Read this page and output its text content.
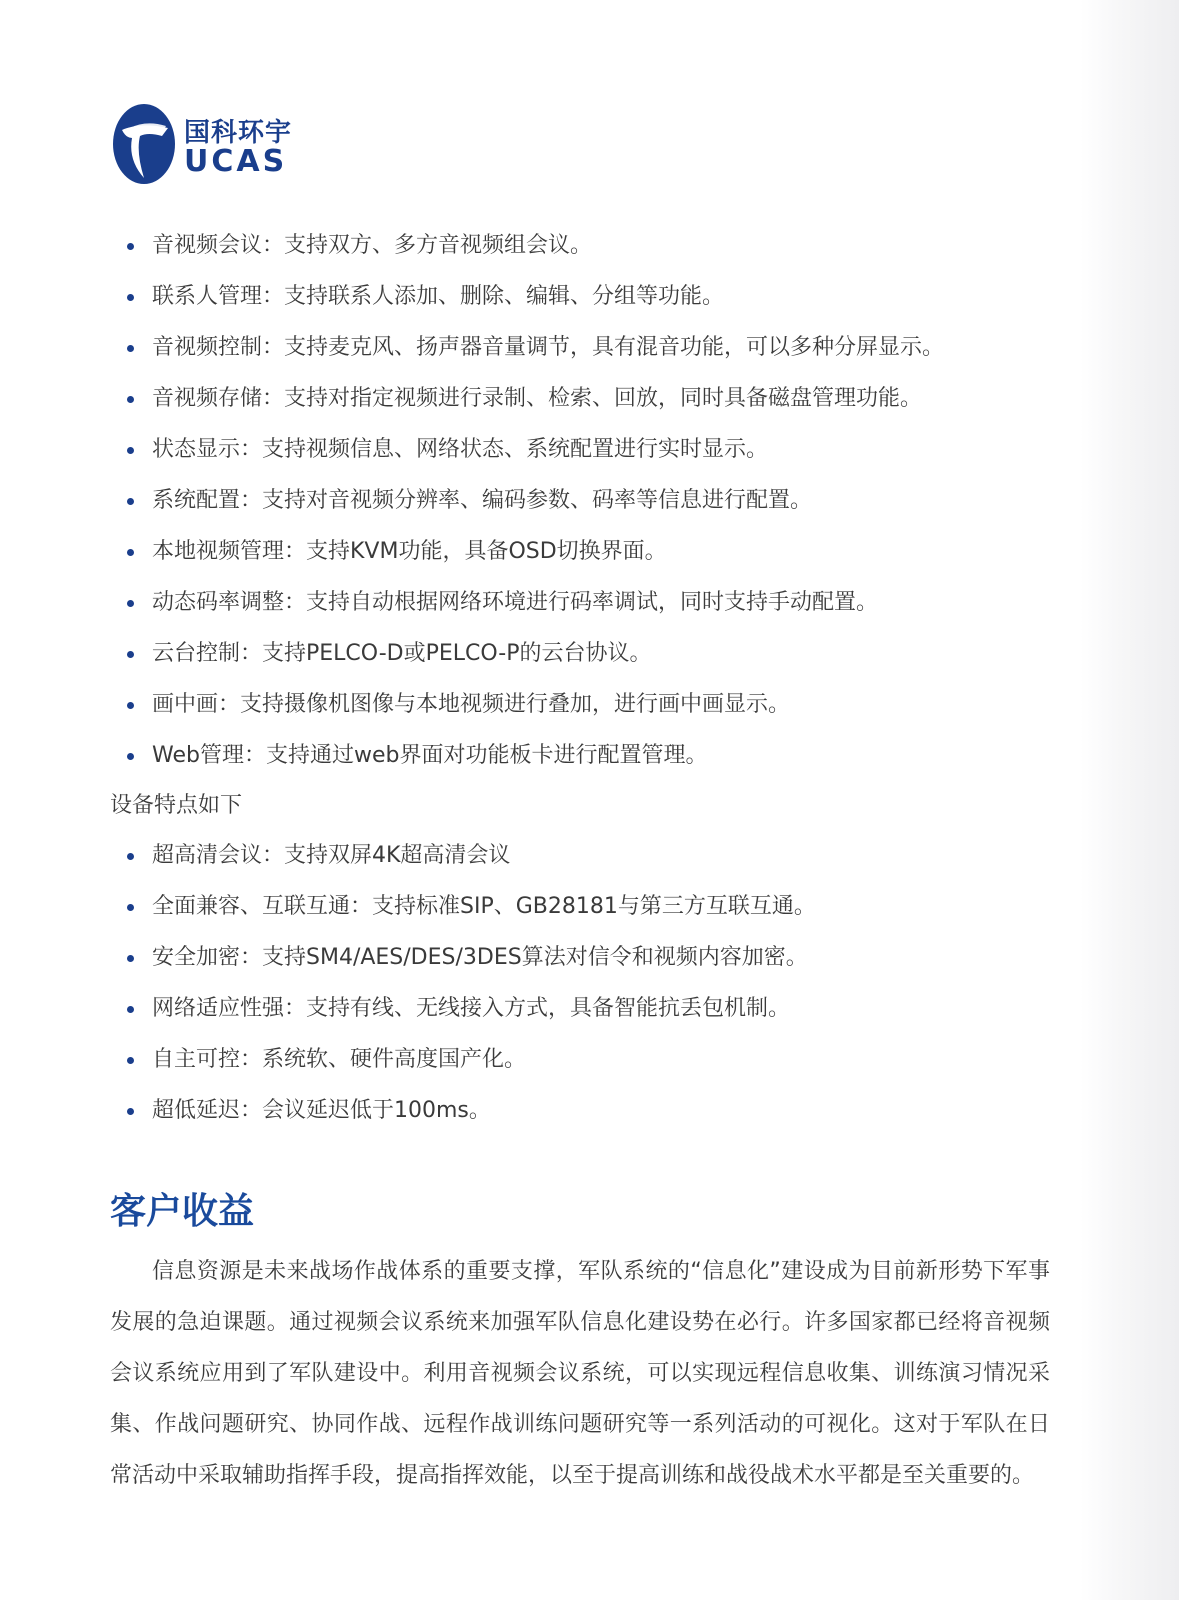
国科环宇
UCAS
音视频会议：支持双方、多方音视频组会议。
联系人管理：支持联系人添加、删除、编辑、分组等功能。
音视频控制：支持麦克风、扬声器音量调节，具有混音功能，可以多种分屏显示。
音视频存储：支持对指定视频进行录制、检索、回放，同时具备磁盘管理功能。
状态显示：支持视频信息、网络状态、系统配置进行实时显示。
系统配置：支持对音视频分辨率、编码参数、码率等信息进行配置。
本地视频管理：支持KVM功能，具备OSD切换界面。
动态码率调整：支持自动根据网络环境进行码率调试，同时支持手动配置。
云台控制：支持PELCO-D或PELCO-P的云台协议。
画中画：支持摄像机图像与本地视频进行叠加，进行画中画显示。
Web管理：支持通过web界面对功能板卡进行配置管理。
设备特点如下
超高清会议：支持双屏4K超高清会议
全面兼容、互联互通：支持标准SIP、GB28181与第三方互联互通。
安全加密：支持SM4/AES/DES/3DES算法对信令和视频内容加密。
网络适应性强：支持有线、无线接入方式，具备智能抗丢包机制。
自主可控：系统软、硬件高度国产化。
超低延迟：会议延迟低于100ms。
客户收益

信息资源是未来战场作战体系的重要支撑，军队系统的“信息化”建设成为目前新形势下军事发展的急迫课题。通过视频会议系统来加强军队信息化建设势在必行。许多国家都已经将音视频会议系统应用到了军队建设中。利用音视频会议系统，可以实现远程信息收集、训练演习情况采集、作战问题研究、协同作战、远程作战训练问题研究等一系列活动的可视化。这对于军队在日常活动中采取辅助指挥手段，提高指挥效能，以至于提高训练和战役战术水平都是至关重要的。
